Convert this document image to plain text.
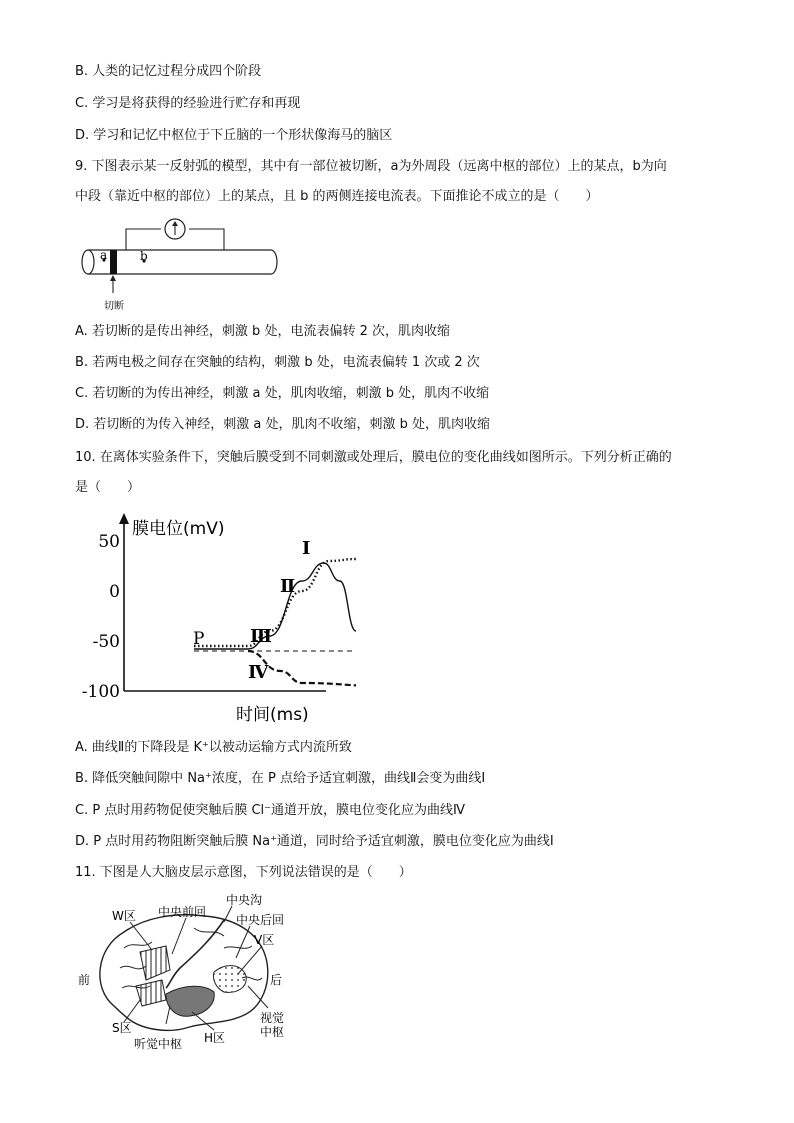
B. 人类的记忆过程分成四个阶段
C. 学习是将获得的经验进行贮存和再现
D. 学习和记忆中枢位于下丘脑的一个形状像海马的脑区
9. 下图表示某一反射弧的模型，其中有一部位被切断，a为外周段（远离中枢的部位）上的某点，b为向
中段（靠近中枢的部位）上的某点，且 b 的两侧连接电流表。下面推论不成立的是（　　）
a	b
切断
A. 若切断的是传出神经，刺激 b 处，电流表偏转 2 次，肌肉收缩
B. 若两电极之间存在突触的结构，刺激 b 处，电流表偏转 1 次或 2 次
C. 若切断的为传出神经，刺激 a 处，肌肉收缩，刺激 b 处，肌肉不收缩
D. 若切断的为传入神经，刺激 a 处，肌肉不收缩，刺激 b 处，肌肉收缩
10. 在离体实验条件下，突触后膜受到不同刺激或处理后，膜电位的变化曲线如图所示。下列分析正确的
是（　　）
膜电位(mV)
时间(ms)
50
0
-50
-100
Ⅰ
Ⅱ
Ⅲ
Ⅳ
P
A. 曲线Ⅱ的下降段是 K⁺以被动运输方式内流所致
B. 降低突触间隙中 Na⁺浓度，在 P 点给予适宜刺激，曲线Ⅱ会变为曲线Ⅰ
C. P 点时用药物促使突触后膜 Cl⁻通道开放，膜电位变化应为曲线Ⅳ
D. P 点时用药物阻断突触后膜 Na⁺通道，同时给予适宜刺激，膜电位变化应为曲线Ⅰ
11. 下图是人大脑皮层示意图，下列说法错误的是（　　）
W区 中央前回
中央沟
中央后回
V区
前	后
S区
听觉中枢 H区
视觉
中枢
